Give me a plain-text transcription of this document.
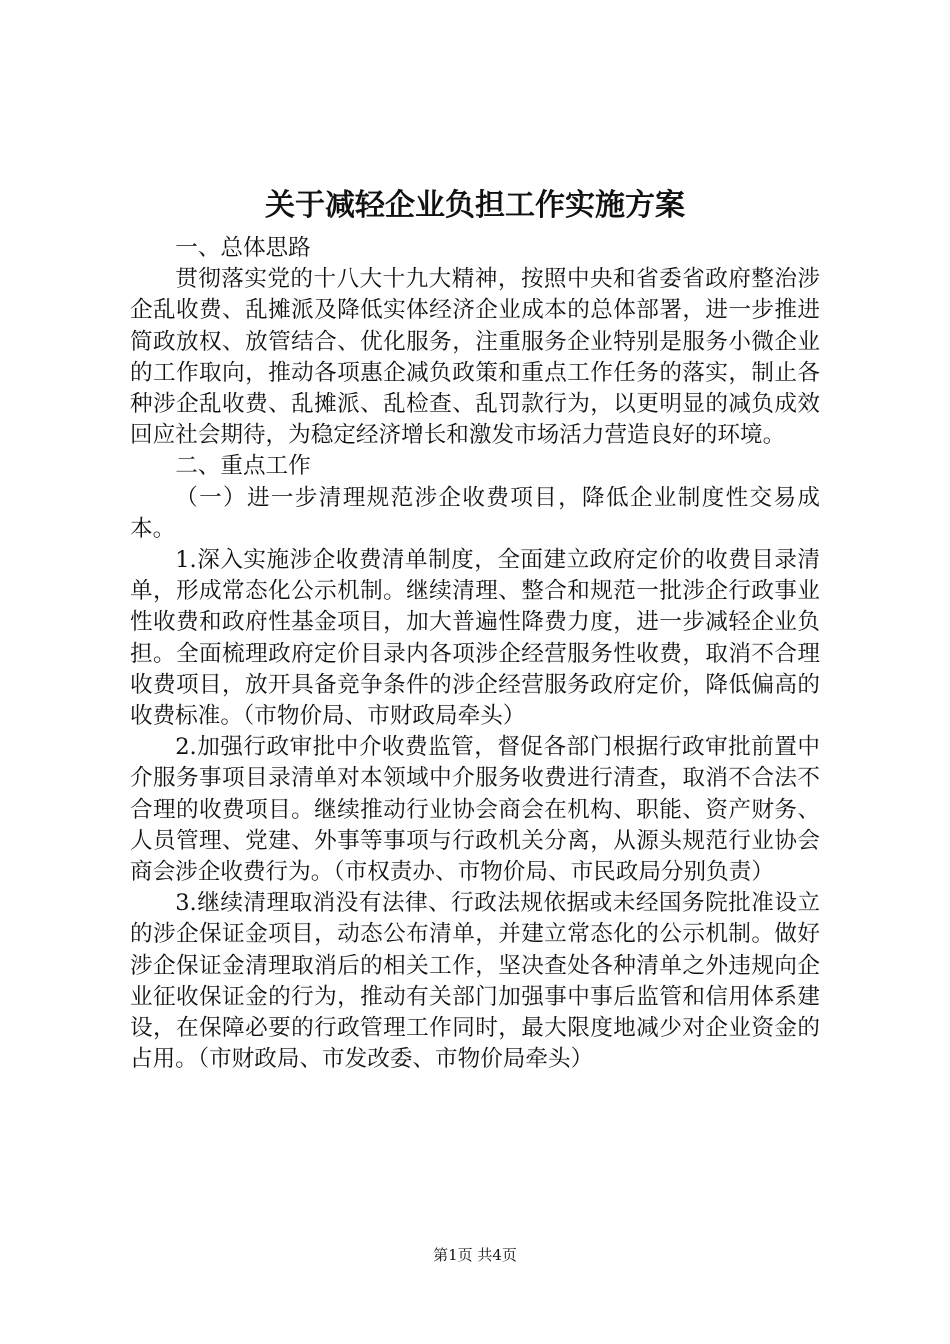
关于减轻企业负担工作实施方案

一、总体思路

贯彻落实党的十八大十九大精神，按照中央和省委省政府整治涉企乱收费、乱摊派及降低实体经济企业成本的总体部署，进一步推进简政放权、放管结合、优化服务，注重服务企业特别是服务小微企业的工作取向，推动各项惠企减负政策和重点工作任务的落实，制止各种涉企乱收费、乱摊派、乱检查、乱罚款行为，以更明显的减负成效回应社会期待，为稳定经济增长和激发市场活力营造良好的环境。

二、重点工作

（一）进一步清理规范涉企收费项目，降低企业制度性交易成本。

1.深入实施涉企收费清单制度，全面建立政府定价的收费目录清单，形成常态化公示机制。继续清理、整合和规范一批涉企行政事业性收费和政府性基金项目，加大普遍性降费力度，进一步减轻企业负担。全面梳理政府定价目录内各项涉企经营服务性收费，取消不合理收费项目，放开具备竞争条件的涉企经营服务政府定价，降低偏高的收费标准。（市物价局、市财政局牵头）

2.加强行政审批中介收费监管，督促各部门根据行政审批前置中介服务事项目录清单对本领域中介服务收费进行清查，取消不合法不合理的收费项目。继续推动行业协会商会在机构、职能、资产财务、人员管理、党建、外事等事项与行政机关分离，从源头规范行业协会商会涉企收费行为。（市权责办、市物价局、市民政局分别负责）

3.继续清理取消没有法律、行政法规依据或未经国务院批准设立的涉企保证金项目，动态公布清单，并建立常态化的公示机制。做好涉企保证金清理取消后的相关工作，坚决查处各种清单之外违规向企业征收保证金的行为，推动有关部门加强事中事后监管和信用体系建设，在保障必要的行政管理工作同时，最大限度地减少对企业资金的占用。（市财政局、市发改委、市物价局牵头）

第1页 共4页
